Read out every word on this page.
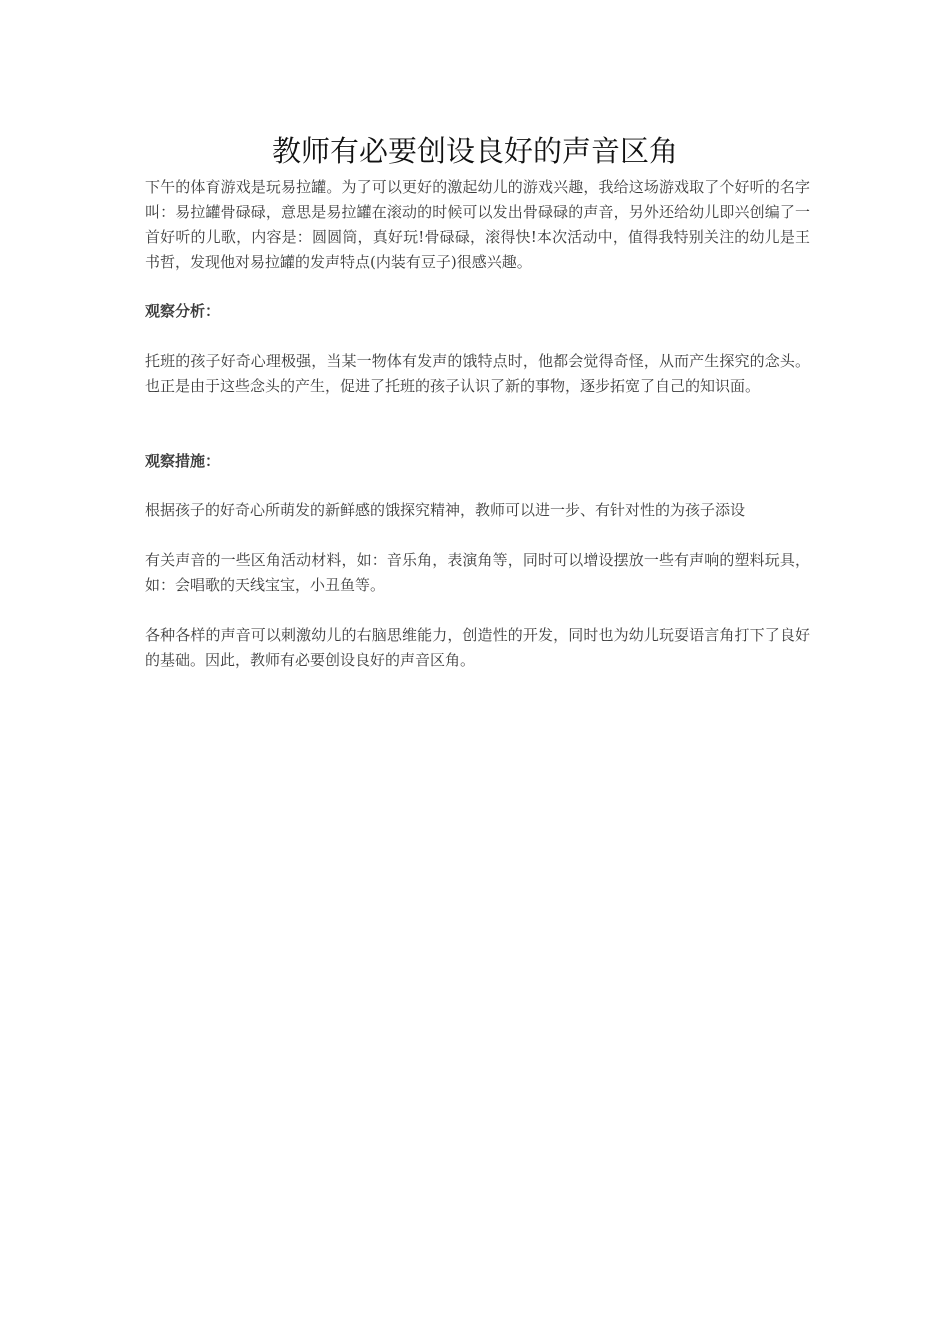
教师有必要创设良好的声音区角

下午的体育游戏是玩易拉罐。为了可以更好的激起幼儿的游戏兴趣，我给这场游戏取了个好听的名字叫：易拉罐骨碌碌，意思是易拉罐在滚动的时候可以发出骨碌碌的声音，另外还给幼儿即兴创编了一首好听的儿歌，内容是：圆圆筒，真好玩!骨碌碌，滚得快!本次活动中，值得我特别关注的幼儿是王书哲，发现他对易拉罐的发声特点(内装有豆子)很感兴趣。

观察分析：

托班的孩子好奇心理极强，当某一物体有发声的饿特点时，他都会觉得奇怪，从而产生探究的念头。也正是由于这些念头的产生，促进了托班的孩子认识了新的事物，逐步拓宽了自己的知识面。

观察措施：

根据孩子的好奇心所萌发的新鲜感的饿探究精神，教师可以进一步、有针对性的为孩子添设

有关声音的一些区角活动材料，如：音乐角，表演角等，同时可以增设摆放一些有声响的塑料玩具，如：会唱歌的天线宝宝，小丑鱼等。

各种各样的声音可以刺激幼儿的右脑思维能力，创造性的开发，同时也为幼儿玩耍语言角打下了良好的基础。因此，教师有必要创设良好的声音区角。
